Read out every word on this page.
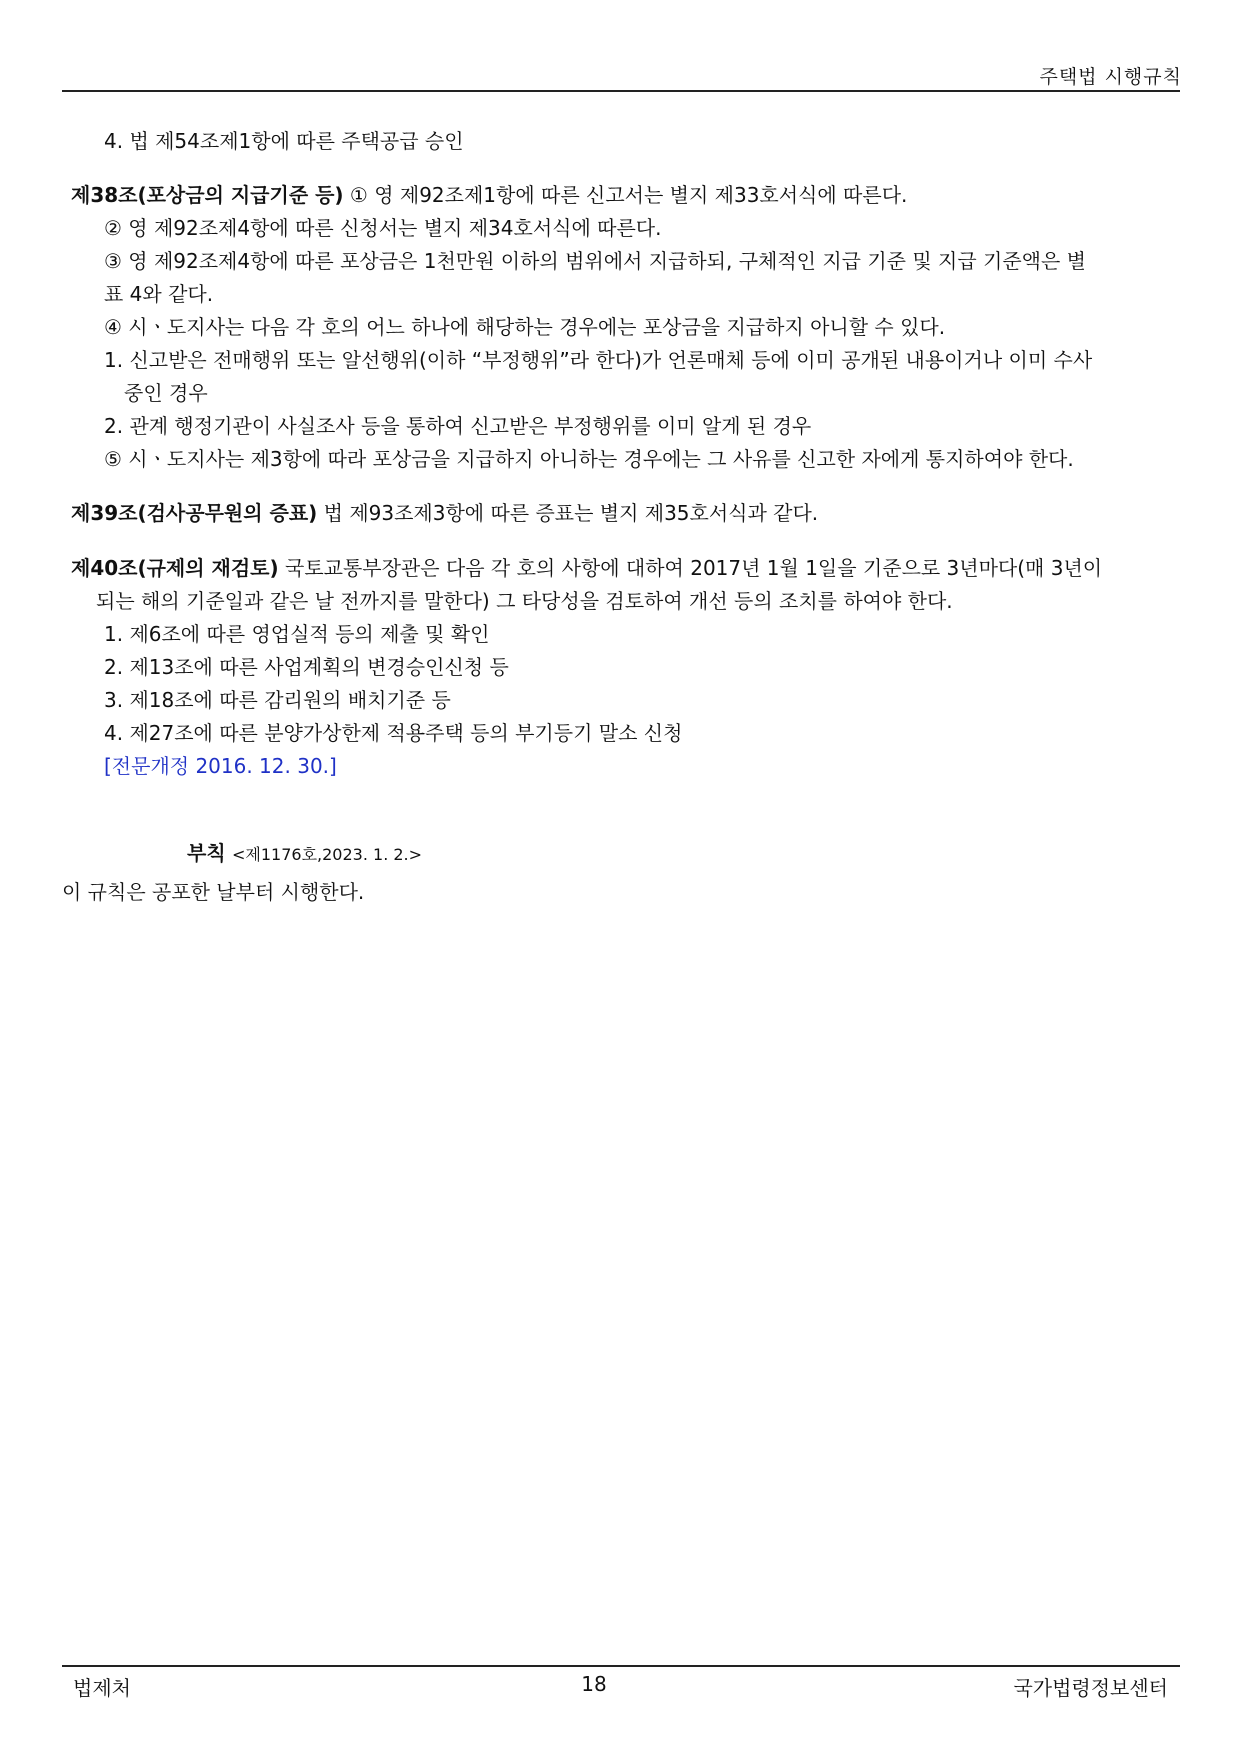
주택법 시행규칙
4. 법 제54조제1항에 따른 주택공급 승인
제38조(포상금의 지급기준 등) ① 영 제92조제1항에 따른 신고서는 별지 제33호서식에 따른다.
② 영 제92조제4항에 따른 신청서는 별지 제34호서식에 따른다.
③ 영 제92조제4항에 따른 포상금은 1천만원 이하의 범위에서 지급하되, 구체적인 지급 기준 및 지급 기준액은 별
표 4와 같다.
④ 시ㆍ도지사는 다음 각 호의 어느 하나에 해당하는 경우에는 포상금을 지급하지 아니할 수 있다.
1. 신고받은 전매행위 또는 알선행위(이하 “부정행위”라 한다)가 언론매체 등에 이미 공개된 내용이거나 이미 수사
중인 경우
2. 관계 행정기관이 사실조사 등을 통하여 신고받은 부정행위를 이미 알게 된 경우
⑤ 시ㆍ도지사는 제3항에 따라 포상금을 지급하지 아니하는 경우에는 그 사유를 신고한 자에게 통지하여야 한다.
제39조(검사공무원의 증표) 법 제93조제3항에 따른 증표는 별지 제35호서식과 같다.
제40조(규제의 재검토) 국토교통부장관은 다음 각 호의 사항에 대하여 2017년 1월 1일을 기준으로 3년마다(매 3년이
되는 해의 기준일과 같은 날 전까지를 말한다) 그 타당성을 검토하여 개선 등의 조치를 하여야 한다.
1. 제6조에 따른 영업실적 등의 제출 및 확인
2. 제13조에 따른 사업계획의 변경승인신청 등
3. 제18조에 따른 감리원의 배치기준 등
4. 제27조에 따른 분양가상한제 적용주택 등의 부기등기 말소 신청
[전문개정 2016. 12. 30.]
부칙 <제1176호,2023. 1. 2.>
이 규칙은 공포한 날부터 시행한다.
법제처	18	국가법령정보센터
